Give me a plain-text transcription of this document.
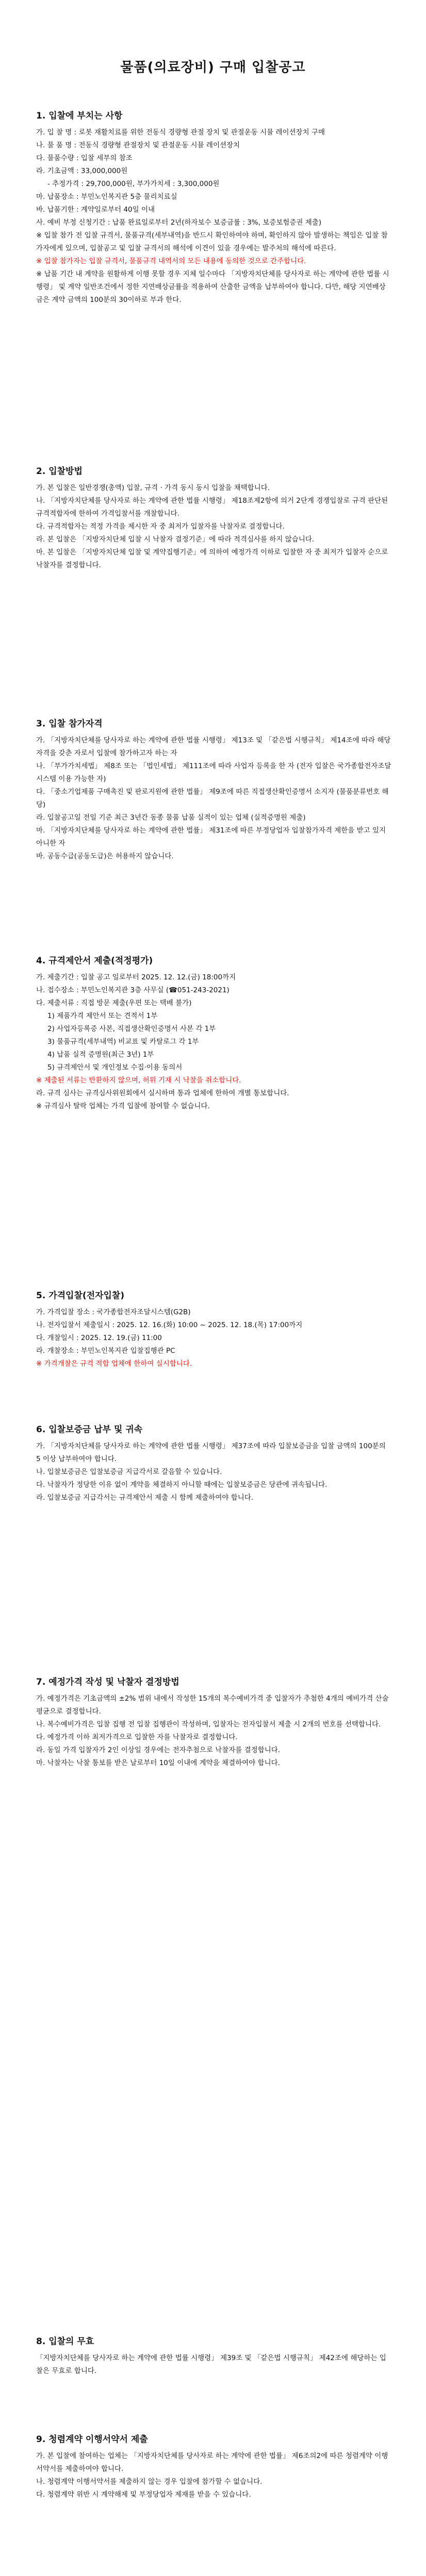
물품(의료장비) 구매 입찰공고
1. 입찰에 부치는 사항

가. 입 찰 명 : 로봇 재활치료를 위한 전동식 경량형 관절 장치 및 관절운동 시뮬 레이션장치 구매

나. 물 품 명 : 전동식 경량형 관절장치 및 관절운동 시뮬 레이션장치

다. 물품수량 : 입찰 세부의 참조

라. 기초금액 : 33,000,000원

- 추정가격 : 29,700,000원, 부가가치세 : 3,300,000원

마. 납품장소 : 부민노인복지관 5층 물리치료실

바. 납품기한 : 계약일로부터 40일 이내

사. 예비 부정 신청기간 : 납품 완료일로부터 2년(하자보수 보증금률 : 3%, 보증보험증권 제출)

※ 입찰 참가 전 입찰 규격서, 물품규격(세부내역)을 반드시 확인하여야 하며, 확인하지 않아 발생하는 책임은 입찰 참가자에게 있으며, 입찰공고 및 입찰 규격서의 해석에 이견이 있을 경우에는 발주처의 해석에 따른다.

※ 입찰 참가자는 입찰 규격서, 물품규격 내역서의 모든 내용에 동의한 것으로 간주합니다.

※ 납품 기간 내 계약을 원활하게 이행 못할 경우 지체 일수마다 「지방자치단체를 당사자로 하는 계약에 관한 법률 시행령」 및 계약 일반조건에서 정한 지연배상금률을 적용하여 산출한 금액을 납부하여야 합니다. 다만, 해당 지연배상금은 계약 금액의 100분의 30이하로 부과 한다.

2. 입찰방법

가. 본 입찰은 일반경쟁(총액) 입찰, 규격 · 가격 동시 동시 입찰을 채택합니다.

나. 「지방자치단체를 당사자로 하는 계약에 관한 법률 시행령」 제18조제2항에 의거 2단계 경쟁입찰로 규격 판단된 규격적합자에 한하여 가격입찰서를 개찰합니다.

다. 규격적합자는 적정 가격을 제시한 자 중 최저가 입찰자를 낙찰자로 결정합니다.

라. 본 입찰은 「지방자치단체 입찰 시 낙찰자 결정기준」에 따라 적격심사를 하지 않습니다.

마. 본 입찰은 「지방자치단체 입찰 및 계약집행기준」에 의하여 예정가격 이하로 입찰한 자 중 최저가 입찰자 순으로 낙찰자를 결정합니다.

3. 입찰 참가자격

가. 「지방자치단체를 당사자로 하는 계약에 관한 법률 시행령」 제13조 및 「같은법 시행규칙」 제14조에 따라 해당 자격을 갖춘 자로서 입찰에 참가하고자 하는 자

나. 「부가가치세법」 제8조 또는 「법인세법」 제111조에 따라 사업자 등록을 한 자 (전자 입찰은 국가종합전자조달시스템 이용 가능한 자)

다. 「중소기업제품 구매촉진 및 판로지원에 관한 법률」 제9조에 따른 직접생산확인증명서 소지자 (물품분류번호 해당)

라. 입찰공고일 전일 기준 최근 3년간 동종 물품 납품 실적이 있는 업체 (실적증명원 제출)

마. 「지방자치단체를 당사자로 하는 계약에 관한 법률」 제31조에 따른 부정당업자 입찰참가자격 제한을 받고 있지 아니한 자

바. 공동수급(공동도급)은 허용하지 않습니다.

4. 규격제안서 제출(적정평가)

가. 제출기간 : 입찰 공고 일로부터 2025. 12. 12.(금) 18:00까지

나. 접수장소 : 부민노인복지관 3층 사무실 (☎051-243-2021)

다. 제출서류 : 직접 방문 제출(우편 또는 택배 불가)

1) 제품가격 제안서 또는 견적서 1부

2) 사업자등록증 사본, 직접생산확인증명서 사본 각 1부

3) 물품규격(세부내역) 비교표 및 카탈로그 각 1부

4) 납품 실적 증명원(최근 3년) 1부

5) 규격제안서 및 개인정보 수집·이용 동의서

※ 제출된 서류는 반환하지 않으며, 허위 기재 시 낙찰을 취소합니다.

라. 규격 심사는 규격심사위원회에서 실시하며 통과 업체에 한하여 개별 통보합니다.

※ 규격심사 탈락 업체는 가격 입찰에 참여할 수 없습니다.

5. 가격입찰(전자입찰)

가. 가격입찰 장소 : 국가종합전자조달시스템(G2B)

나. 전자입찰서 제출일시 : 2025. 12. 16.(화) 10:00 ~ 2025. 12. 18.(목) 17:00까지

다. 개찰일시 : 2025. 12. 19.(금) 11:00

라. 개찰장소 : 부민노인복지관 입찰집행관 PC

※ 가격개찰은 규격 적합 업체에 한하여 실시합니다.

6. 입찰보증금 납부 및 귀속

가. 「지방자치단체를 당사자로 하는 계약에 관한 법률 시행령」 제37조에 따라 입찰보증금을 입찰 금액의 100분의 5 이상 납부하여야 합니다.

나. 입찰보증금은 입찰보증금 지급각서로 갈음할 수 있습니다.

다. 낙찰자가 정당한 이유 없이 계약을 체결하지 아니할 때에는 입찰보증금은 당관에 귀속됩니다.

라. 입찰보증금 지급각서는 규격제안서 제출 시 함께 제출하여야 합니다.

7. 예정가격 작성 및 낙찰자 결정방법

가. 예정가격은 기초금액의 ±2% 범위 내에서 작성한 15개의 복수예비가격 중 입찰자가 추첨한 4개의 예비가격 산술평균으로 결정합니다.

나. 복수예비가격은 입찰 집행 전 입찰 집행관이 작성하며, 입찰자는 전자입찰서 제출 시 2개의 번호를 선택합니다.

다. 예정가격 이하 최저가격으로 입찰한 자를 낙찰자로 결정합니다.

라. 동일 가격 입찰자가 2인 이상일 경우에는 전자추첨으로 낙찰자를 결정합니다.

마. 낙찰자는 낙찰 통보를 받은 날로부터 10일 이내에 계약을 체결하여야 합니다.

8. 입찰의 무효

「지방자치단체를 당사자로 하는 계약에 관한 법률 시행령」 제39조 및 「같은법 시행규칙」 제42조에 해당하는 입찰은 무효로 합니다.

9. 청렴계약 이행서약서 제출

가. 본 입찰에 참여하는 업체는 「지방자치단체를 당사자로 하는 계약에 관한 법률」 제6조의2에 따른 청렴계약 이행서약서를 제출하여야 합니다.

나. 청렴계약 이행서약서를 제출하지 않는 경우 입찰에 참가할 수 없습니다.

다. 청렴계약 위반 시 계약해제 및 부정당업자 제재를 받을 수 있습니다.
